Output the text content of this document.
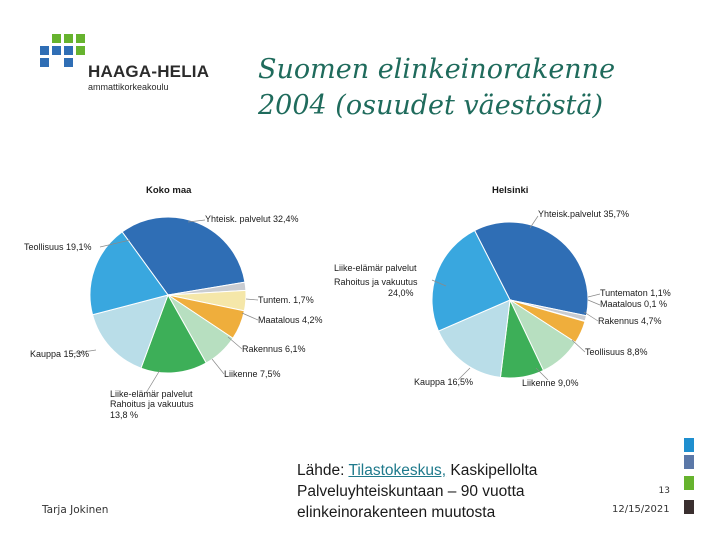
HAAGA-HELIA
ammattikorkeakoulu
Suomen elinkeinorakenne
2004 (osuudet väestöstä)
Koko maa
Yhteisk. palvelut 32,4%
Tuntem. 1,7%
Maatalous 4,2%
Rakennus 6,1%
Liikenne 7,5%
Liike-elämär palvelut
Rahoitus ja vakuutus
13,8 %
Kauppa 15,3%
Teollisuus 19,1%
Helsinki
Yhteisk.palvelut 35,7%
Tuntematon 1,1%
Maatalous 0,1 %
Rakennus 4,7%
Teollisuus 8,8%
Liikenne 9,0%
Kauppa 16,5%
Liike-elämär palvelut
Rahoitus ja vakuutus
24,0%
Lähde: Tilastokeskus, Kaskipellolta Palveluyhteiskuntaan – 90 vuotta elinkeinorakenteen muutosta
Tarja Jokinen
13
12/15/2021
